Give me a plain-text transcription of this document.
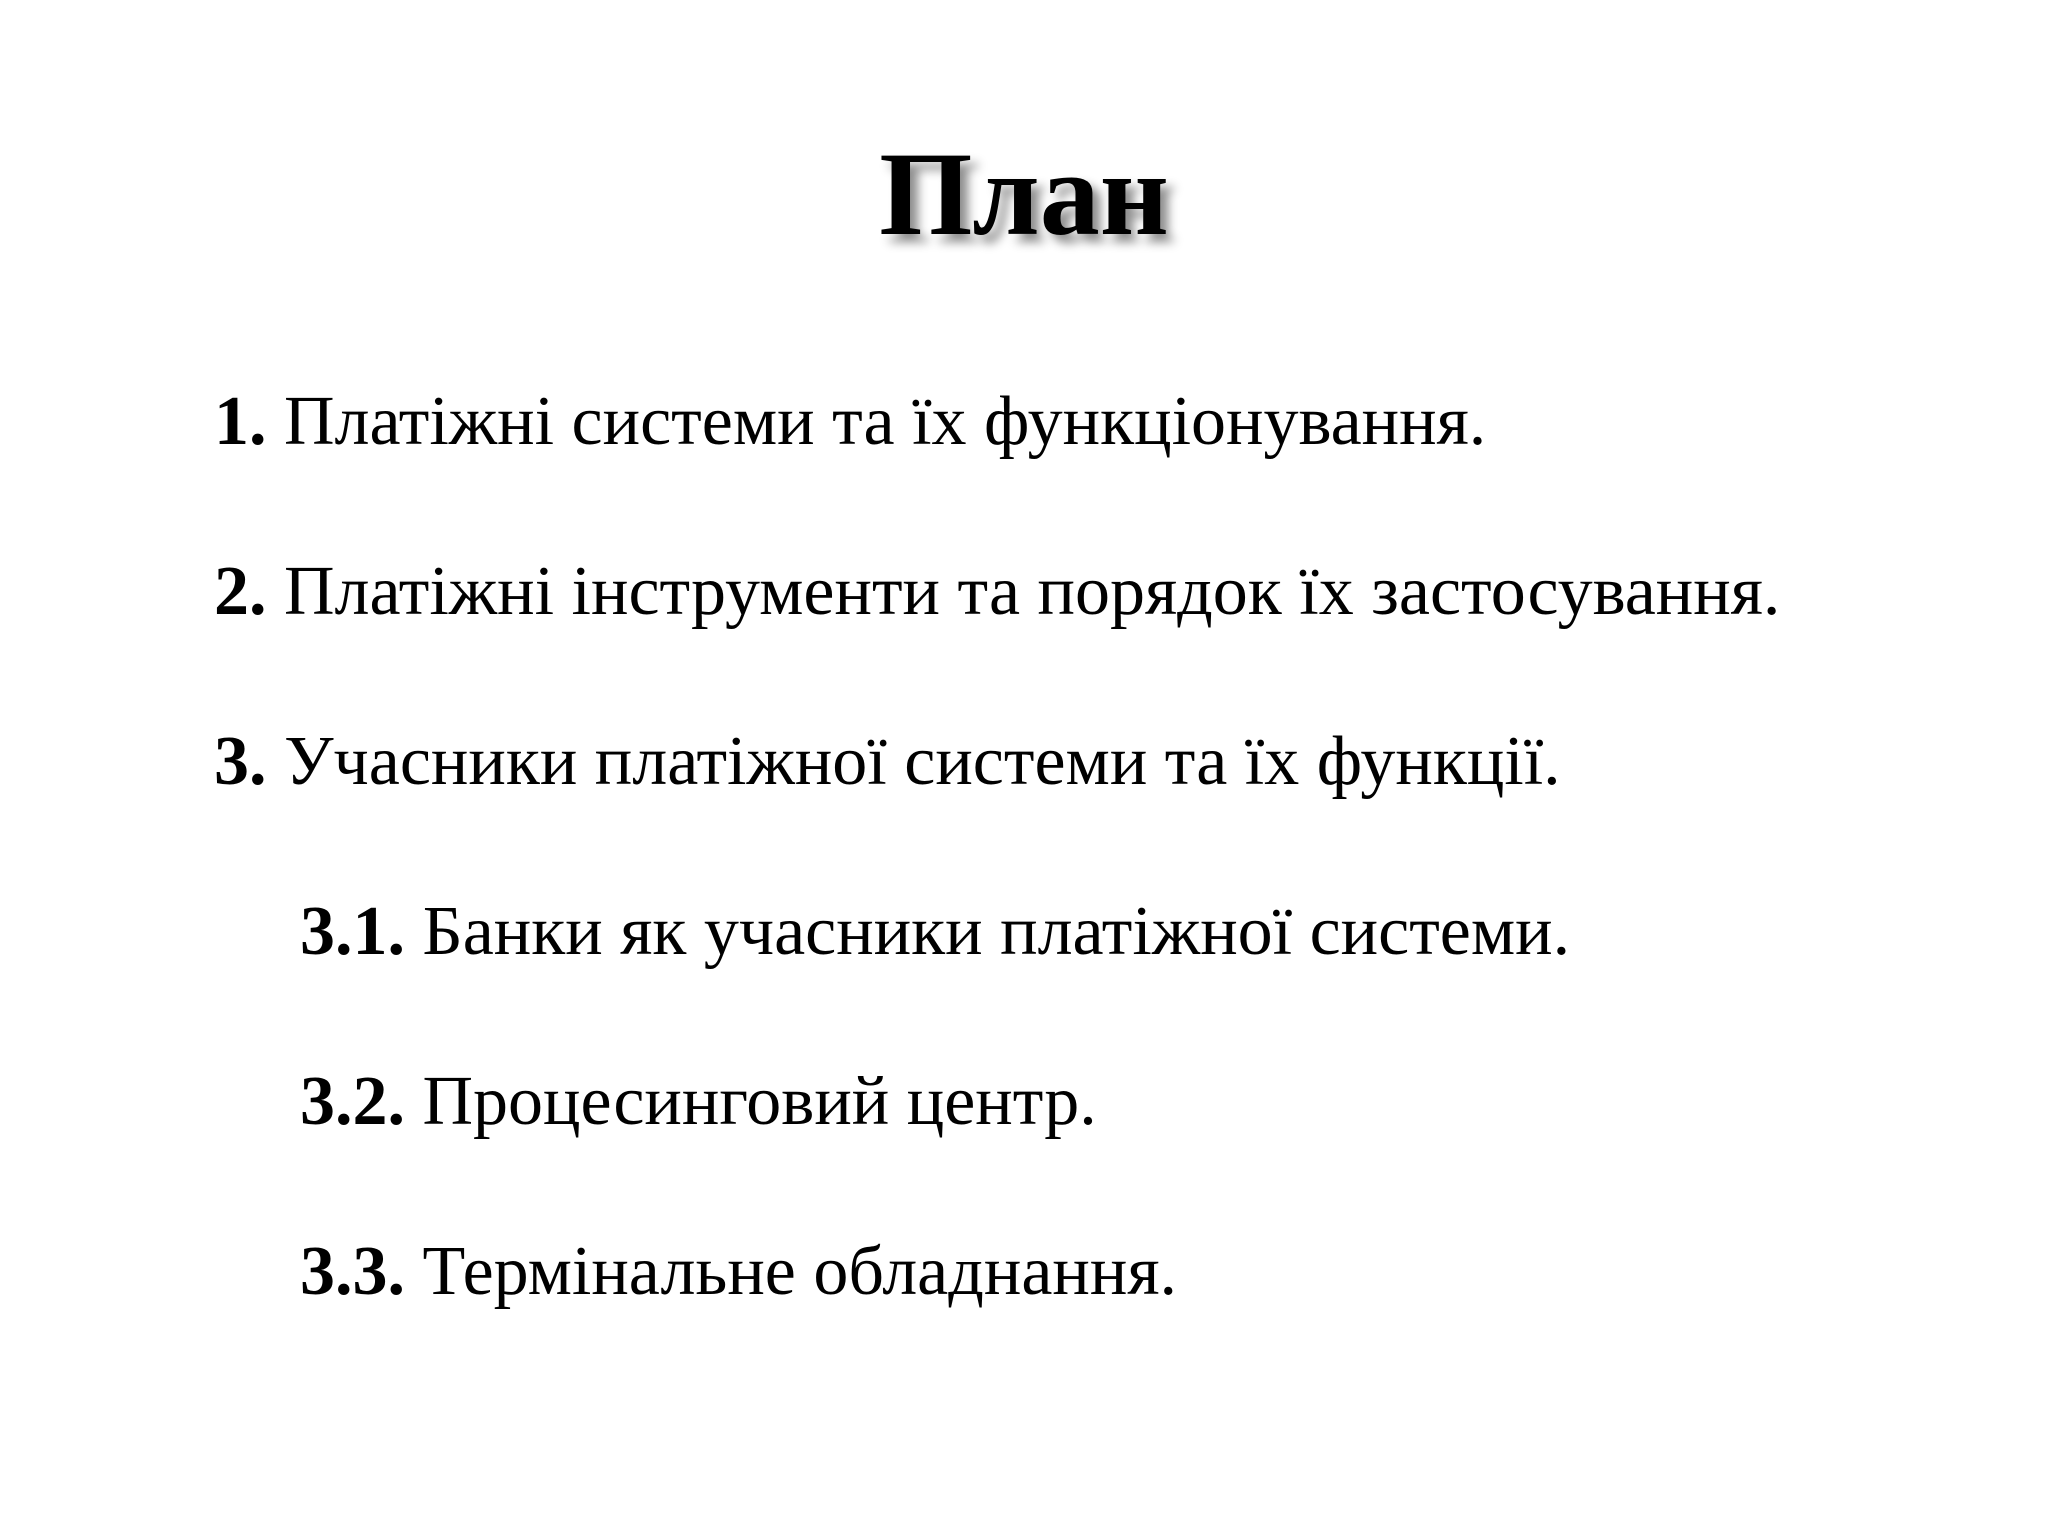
План
1. Платіжні системи та їх функціонування.
2. Платіжні інструменти та порядок їх застосування.
3. Учасники платіжної системи та їх функції.
3.1. Банки як учасники платіжної системи.
3.2. Процесинговий центр.
3.3. Термінальне обладнання.
